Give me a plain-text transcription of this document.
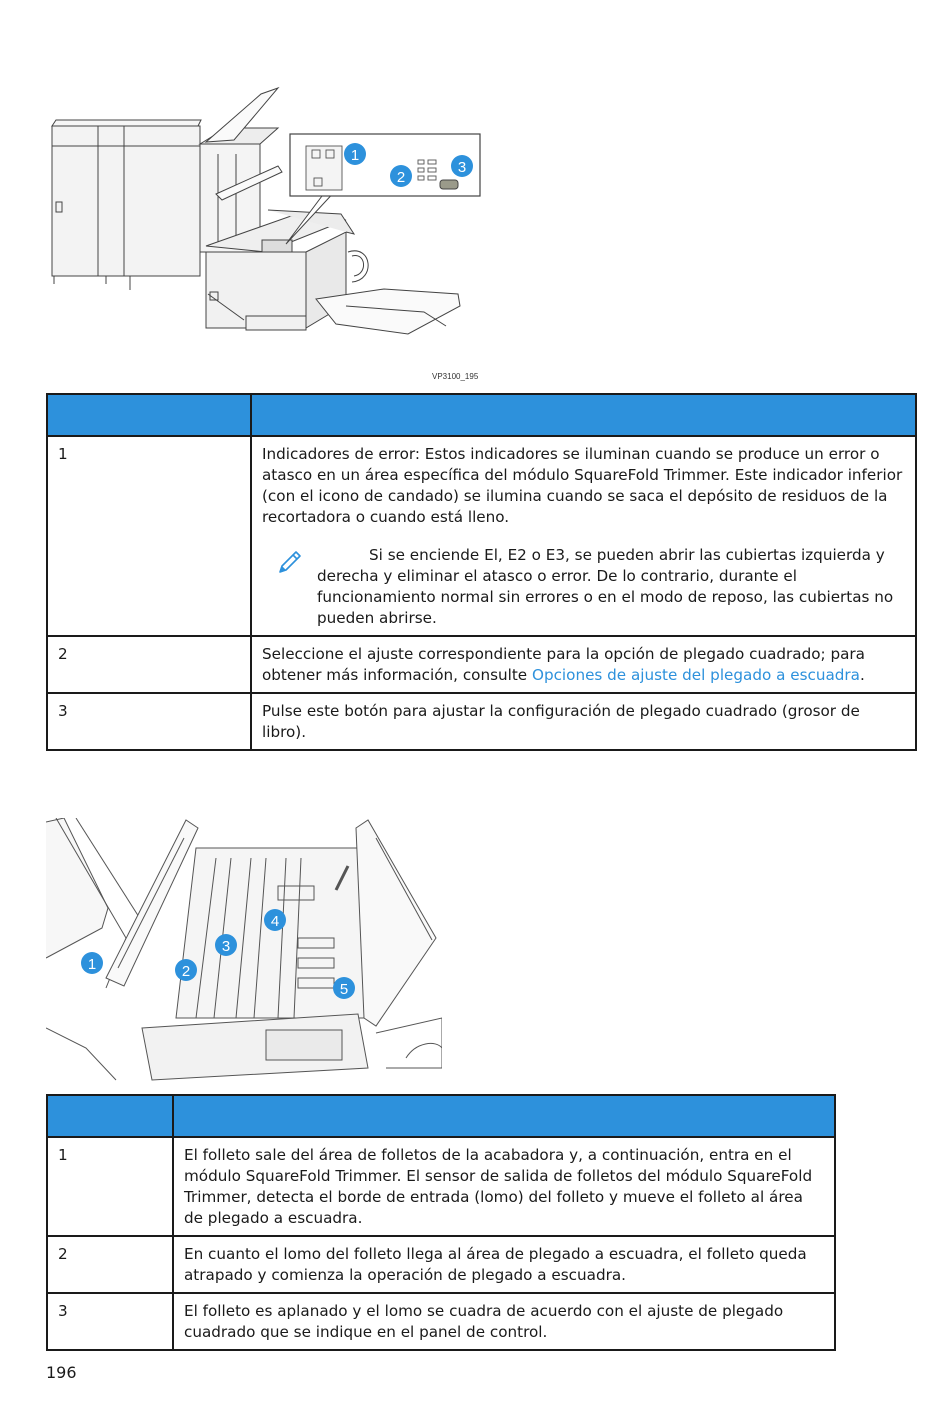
1
2
3
VP3100_195

1	Indicadores de error: Estos indicadores se iluminan cuando se produce un error o atasco en un área específica del módulo SquareFold Trimmer. Este indicador inferior (con el icono de candado) se ilumina cuando se saca el depósito de residuos de la recortadora o cuando está lleno.
Si se enciende El, E2 o E3, se pueden abrir las cubiertas izquierda y derecha y eliminar el atasco o error. De lo contrario, durante el funcionamiento normal sin errores o en el modo de reposo, las cubiertas no pueden abrirse.

2	Seleccione el ajuste correspondiente para la opción de plegado cuadrado; para obtener más información, consulte Opciones de ajuste del plegado a escuadra.
3	Pulse este botón para ajustar la configuración de plegado cuadrado (grosor de libro).
1	2
3
4
5

1	El folleto sale del área de folletos de la acabadora y, a continuación, entra en el módulo SquareFold Trimmer. El sensor de salida de folletos del módulo SquareFold Trimmer, detecta el borde de entrada (lomo) del folleto y mueve el folleto al área de plegado a escuadra.
2	En cuanto el lomo del folleto llega al área de plegado a escuadra, el folleto queda atrapado y comienza la operación de plegado a escuadra.
3	El folleto es aplanado y el lomo se cuadra de acuerdo con el ajuste de plegado cuadrado que se indique en el panel de control.
196
